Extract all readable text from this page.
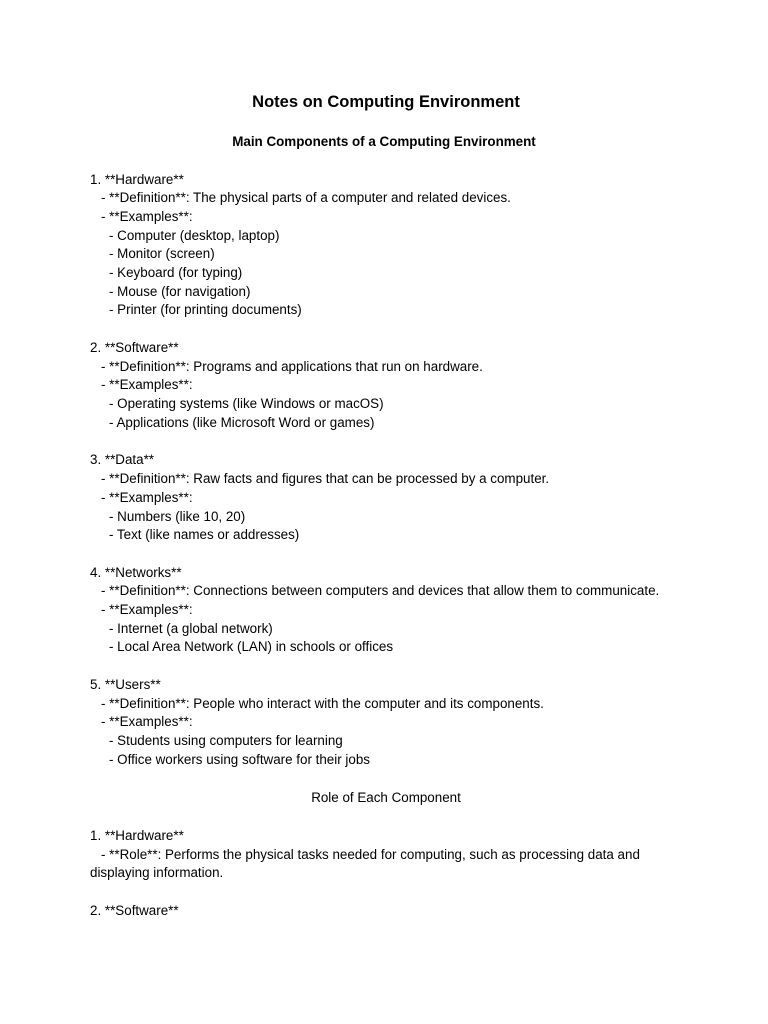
Notes on Computing Environment
Main Components of a Computing Environment
1. **Hardware**
- **Definition**: The physical parts of a computer and related devices.
- **Examples**:
- Computer (desktop, laptop)
- Monitor (screen)
- Keyboard (for typing)
- Mouse (for navigation)
- Printer (for printing documents)
2. **Software**
- **Definition**: Programs and applications that run on hardware.
- **Examples**:
- Operating systems (like Windows or macOS)
- Applications (like Microsoft Word or games)
3. **Data**
- **Definition**: Raw facts and figures that can be processed by a computer.
- **Examples**:
- Numbers (like 10, 20)
- Text (like names or addresses)
4. **Networks**
- **Definition**: Connections between computers and devices that allow them to communicate.
- **Examples**:
- Internet (a global network)
- Local Area Network (LAN) in schools or offices
5. **Users**
- **Definition**: People who interact with the computer and its components.
- **Examples**:
- Students using computers for learning
- Office workers using software for their jobs
Role of Each Component
1. **Hardware**
- **Role**: Performs the physical tasks needed for computing, such as processing data and
displaying information.
2. **Software**
